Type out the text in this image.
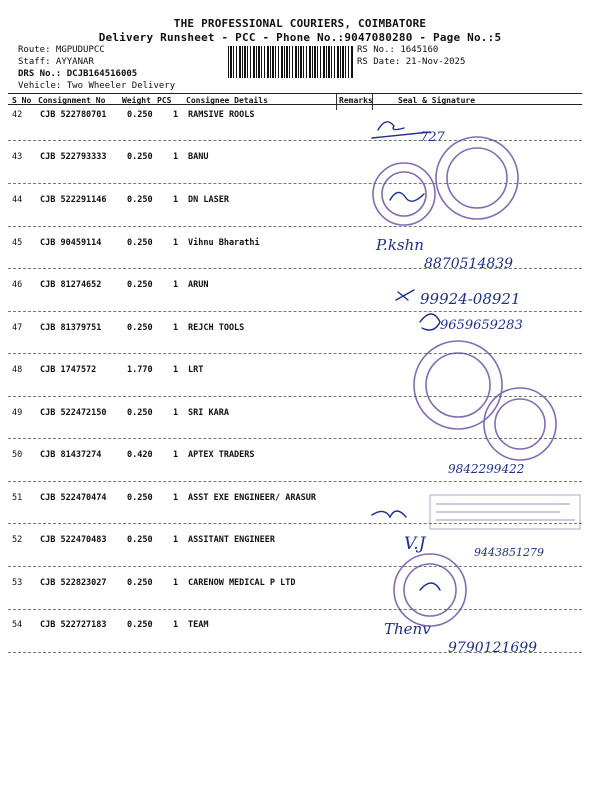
THE PROFESSIONAL COURIERS, COIMBATORE
Delivery Runsheet - PCC - Phone No.:9047080280 - Page No.:5
Route: MGPUDUPCC
Staff: AYYANAR
DRS No.: DCJB164516005
Vehicle: Two Wheeler Delivery
RS No.: 1645160
RS Date: 21-Nov-2025
S No Consignment No Weight PCS Consignee Details	Remarks	Seal & Signature
42 CJB 522780701 0.250 1 RAMSIVE ROOLS
43 CJB 522793333 0.250 1 BANU
44 CJB 522291146 0.250 1 DN LASER
45 CJB 90459114	0.250 1 Vihnu Bharathi
46 CJB 81274652	0.250 1 ARUN
47 CJB 81379751	0.250 1 REJCH TOOLS
48 CJB 1747572	1.770 1 LRT
49 CJB 522472150 0.250 1 SRI KARA
50 CJB 81437274	0.420 1 APTEX TRADERS
51 CJB 522470474 0.250 1 ASST EXE ENGINEER/ ARASUR
52 CJB 522470483 0.250 1 ASSITANT ENGINEER
53 CJB 522823027 0.250 1 CARENOW MEDICAL P LTD
54 CJB 522727183 0.250 1 TEAM
727
P.kshn
8870514839
99924-08921
9659659283
9842299422
V.J	9443851279
Thenv
9790121699
